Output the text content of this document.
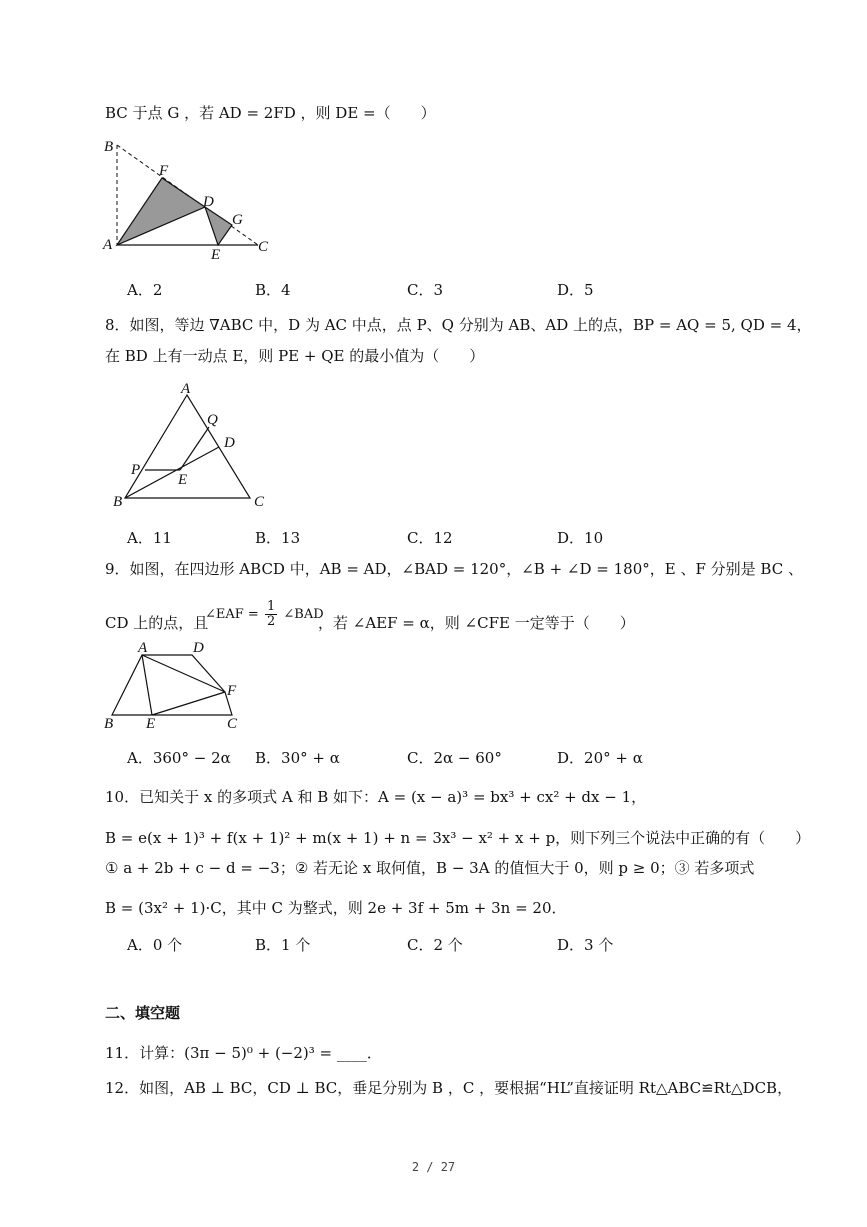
BC 于点 G ，若 AD = 2FD ，则 DE =（　　）
B
F
D
G
A
E	C
A．2	B．4	C．3	D．5
8．如图，等边 ∇ABC 中，D 为 AC 中点，点 P、Q 分别为 AB、AD 上的点，BP = AQ = 5, QD = 4，
在 BD 上有一动点 E，则 PE + QE 的最小值为（　　）
A
Q
D
P
E
B	C
A．11	B．13	C．12	D．10
9．如图，在四边形 ABCD 中，AB = AD，∠BAD = 120°，∠B + ∠D = 180°，E 、F 分别是 BC 、
CD 上的点，且
∠EAF = $\frac{1}{2}$ ∠BAD
，若 ∠AEF = α，则 ∠CFE 一定等于（　　）
A	D
F
B E	C
A．360° − 2α B．30° + α	C．2α − 60°	D．20° + α
10．已知关于 x 的多项式 A 和 B 如下：A = (x − a)³ = bx³ + cx² + dx − 1，
B = e(x + 1)³ + f(x + 1)² + m(x + 1) + n = 3x³ − x² + x + p，则下列三个说法中正确的有（　　）
① a + 2b + c − d = −3；② 若无论 x 取何值，B − 3A 的值恒大于 0，则 p ≥ 0；③ 若多项式
B = (3x² + 1)·C，其中 C 为整式，则 2e + 3f + 5m + 3n = 20．
A．0 个	B．1 个	C．2 个	D．3 个
二、填空题
11．计算：(3π − 5)⁰ + (−2)³ = ____．
12．如图，AB ⊥ BC，CD ⊥ BC，垂足分别为 B ，C ，要根据“HL”直接证明 Rt△ABC≌Rt△DCB，
2 / 27
